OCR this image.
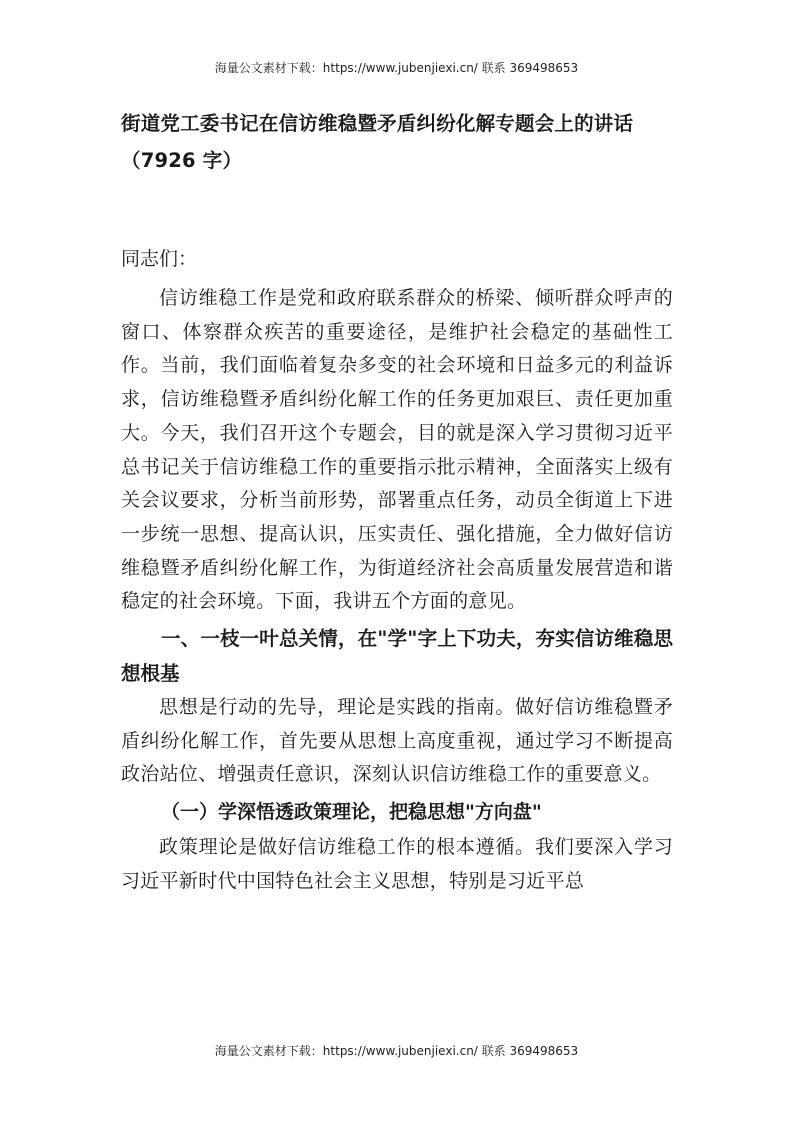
海量公文素材下载：https://www.jubenjiexi.cn/ 联系 369498653
街道党工委书记在信访维稳暨矛盾纠纷化解专题会上的讲话（7926 字）

同志们：

信访维稳工作是党和政府联系群众的桥梁、倾听群众呼声的窗口、体察群众疾苦的重要途径，是维护社会稳定的基础性工作。当前，我们面临着复杂多变的社会环境和日益多元的利益诉求，信访维稳暨矛盾纠纷化解工作的任务更加艰巨、责任更加重大。今天，我们召开这个专题会，目的就是深入学习贯彻习近平总书记关于信访维稳工作的重要指示批示精神，全面落实上级有关会议要求，分析当前形势，部署重点任务，动员全街道上下进一步统一思想、提高认识，压实责任、强化措施，全力做好信访维稳暨矛盾纠纷化解工作，为街道经济社会高质量发展营造和谐稳定的社会环境。下面，我讲五个方面的意见。

一、一枝一叶总关情，在"学"字上下功夫，夯实信访维稳思想根基

思想是行动的先导，理论是实践的指南。做好信访维稳暨矛盾纠纷化解工作，首先要从思想上高度重视，通过学习不断提高政治站位、增强责任意识，深刻认识信访维稳工作的重要意义。

（一）学深悟透政策理论，把稳思想"方向盘"

政策理论是做好信访维稳工作的根本遵循。我们要深入学习习近平新时代中国特色社会主义思想，特别是习近平总

海量公文素材下载：https://www.jubenjiexi.cn/ 联系 369498653
